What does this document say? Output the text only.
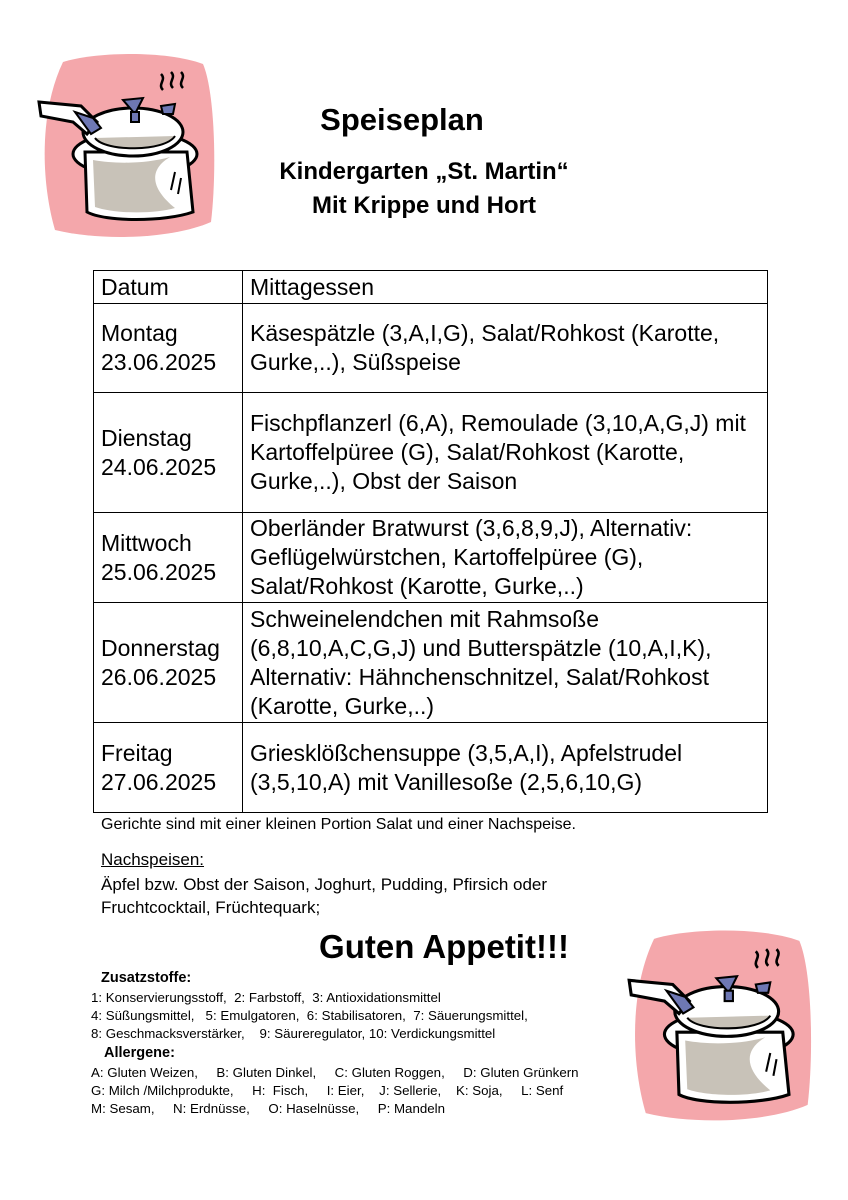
Speiseplan
Kindergarten „St. Martin“
Mit Krippe und Hort
Datum	Mittagessen
Montag
23.06.2025	Käsespätzle (3,A,I,G), Salat/Rohkost (Karotte, Gurke,..), Süßspeise
Dienstag
24.06.2025	Fischpflanzerl (6,A), Remoulade (3,10,A,G,J) mit Kartoffelpüree (G), Salat/Rohkost (Karotte, Gurke,..), Obst der Saison
Mittwoch
25.06.2025	Oberländer Bratwurst (3,6,8,9,J), Alternativ: Geflügelwürstchen, Kartoffelpüree (G), Salat/Rohkost (Karotte, Gurke,..)
Donnerstag
26.06.2025	Schweinelendchen mit Rahmsoße (6,8,10,A,C,G,J) und Butterspätzle (10,A,I,K), Alternativ: Hähnchenschnitzel, Salat/Rohkost (Karotte, Gurke,..)
Freitag
27.06.2025	Griesklößchensuppe (3,5,A,I), Apfelstrudel (3,5,10,A) mit Vanillesoße (2,5,6,10,G)
Gerichte sind mit einer kleinen Portion Salat und einer Nachspeise.
Nachspeisen:
Äpfel bzw. Obst der Saison, Joghurt, Pudding, Pfirsich oder Fruchtcocktail, Früchtequark;
Guten Appetit!!!
Zusatzstoffe:
1: Konservierungsstoff,  2: Farbstoff,  3: Antioxidationsmittel
4: Süßungsmittel,   5: Emulgatoren,  6: Stabilisatoren,  7: Säuerungsmittel,
8: Geschmacksverstärker,    9: Säureregulator, 10: Verdickungsmittel
Allergene:
A: Gluten Weizen,     B: Gluten Dinkel,     C: Gluten Roggen,     D: Gluten Grünkern
G: Milch /Milchprodukte,     H:  Fisch,     I: Eier,    J: Sellerie,    K: Soja,     L: Senf
M: Sesam,     N: Erdnüsse,     O: Haselnüsse,     P: Mandeln
